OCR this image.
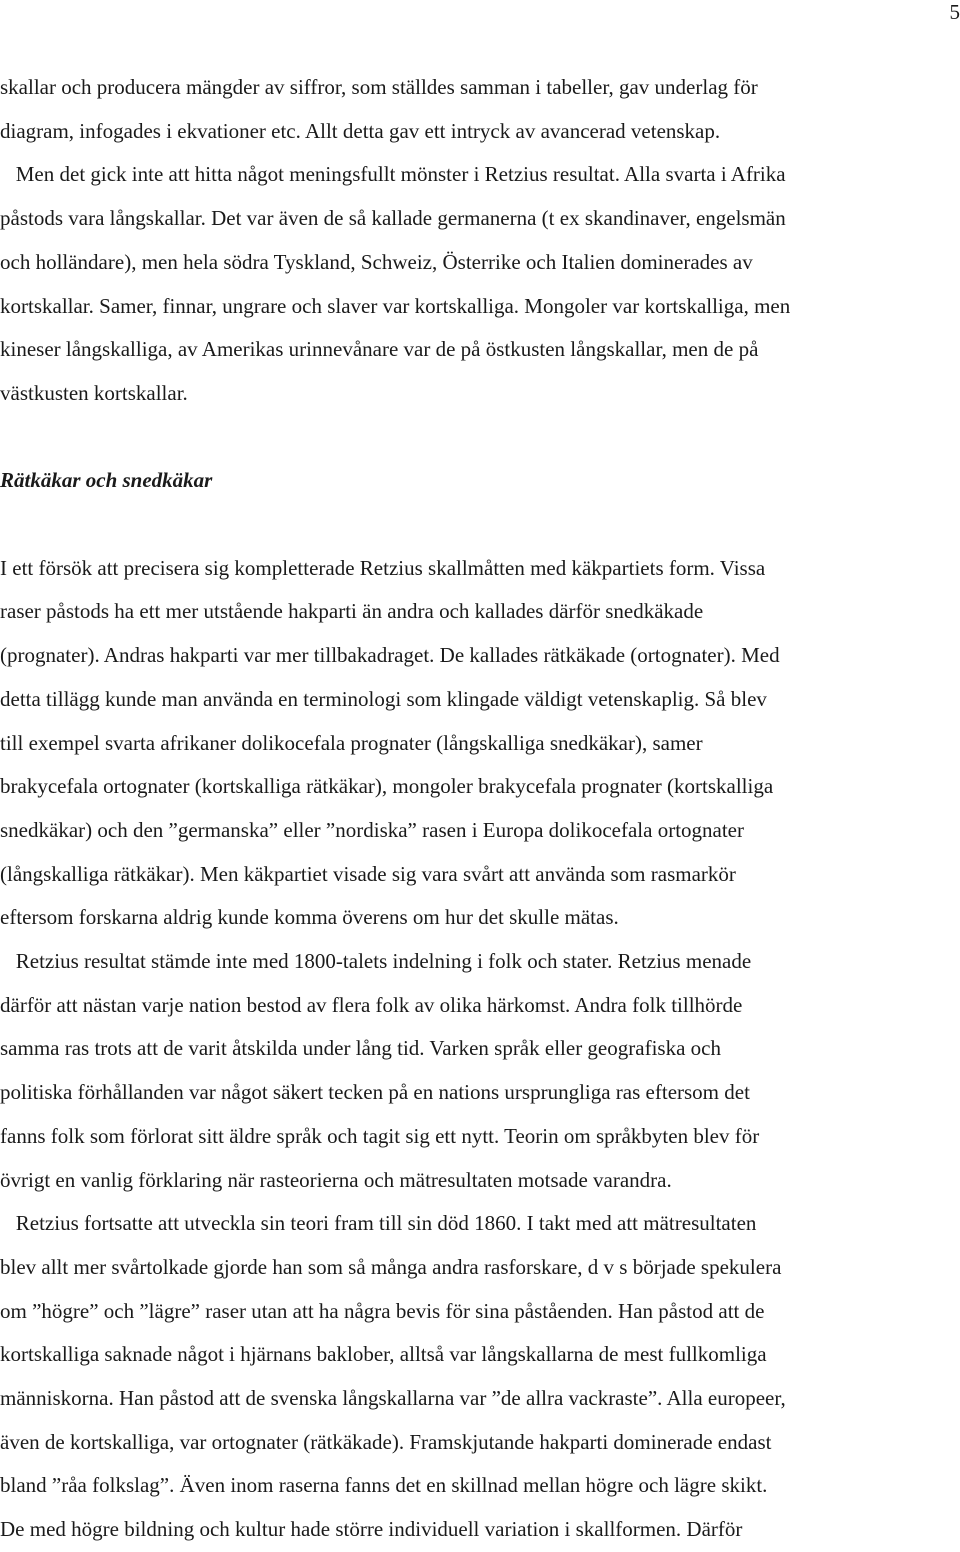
5
skallar och producera mängder av siffror, som ställdes samman i tabeller, gav underlag för
diagram, infogades i ekvationer etc. Allt detta gav ett intryck av avancerad vetenskap.
Men det gick inte att hitta något meningsfullt mönster i Retzius resultat. Alla svarta i Afrika
påstods vara långskallar. Det var även de så kallade germanerna (t ex skandinaver, engelsmän
och holländare), men hela södra Tyskland, Schweiz, Österrike och Italien dominerades av
kortskallar. Samer, finnar, ungrare och slaver var kortskalliga. Mongoler var kortskalliga, men
kineser långskalliga, av Amerikas urinnevånare var de på östkusten långskallar, men de på
västkusten kortskallar.
Rätkäkar och snedkäkar
I ett försök att precisera sig kompletterade Retzius skallmåtten med käkpartiets form. Vissa
raser påstods ha ett mer utstående hakparti än andra och kallades därför snedkäkade
(prognater). Andras hakparti var mer tillbakadraget. De kallades rätkäkade (ortognater). Med
detta tillägg kunde man använda en terminologi som klingade väldigt vetenskaplig. Så blev
till exempel svarta afrikaner dolikocefala prognater (långskalliga snedkäkar), samer
brakycefala ortognater (kortskalliga rätkäkar), mongoler brakycefala prognater (kortskalliga
snedkäkar) och den ”germanska” eller ”nordiska” rasen i Europa dolikocefala ortognater
(långskalliga rätkäkar). Men käkpartiet visade sig vara svårt att använda som rasmarkör
eftersom forskarna aldrig kunde komma överens om hur det skulle mätas.
Retzius resultat stämde inte med 1800-talets indelning i folk och stater. Retzius menade
därför att nästan varje nation bestod av flera folk av olika härkomst. Andra folk tillhörde
samma ras trots att de varit åtskilda under lång tid. Varken språk eller geografiska och
politiska förhållanden var något säkert tecken på en nations ursprungliga ras eftersom det
fanns folk som förlorat sitt äldre språk och tagit sig ett nytt. Teorin om språkbyten blev för
övrigt en vanlig förklaring när rasteorierna och mätresultaten motsade varandra.
Retzius fortsatte att utveckla sin teori fram till sin död 1860. I takt med att mätresultaten
blev allt mer svårtolkade gjorde han som så många andra rasforskare, d v s började spekulera
om ”högre” och ”lägre” raser utan att ha några bevis för sina påståenden. Han påstod att de
kortskalliga saknade något i hjärnans baklober, alltså var långskallarna de mest fullkomliga
människorna. Han påstod att de svenska långskallarna var ”de allra vackraste”. Alla europeer,
även de kortskalliga, var ortognater (rätkäkade). Framskjutande hakparti dominerade endast
bland ”råa folkslag”. Även inom raserna fanns det en skillnad mellan högre och lägre skikt.
De med högre bildning och kultur hade större individuell variation i skallformen. Därför
